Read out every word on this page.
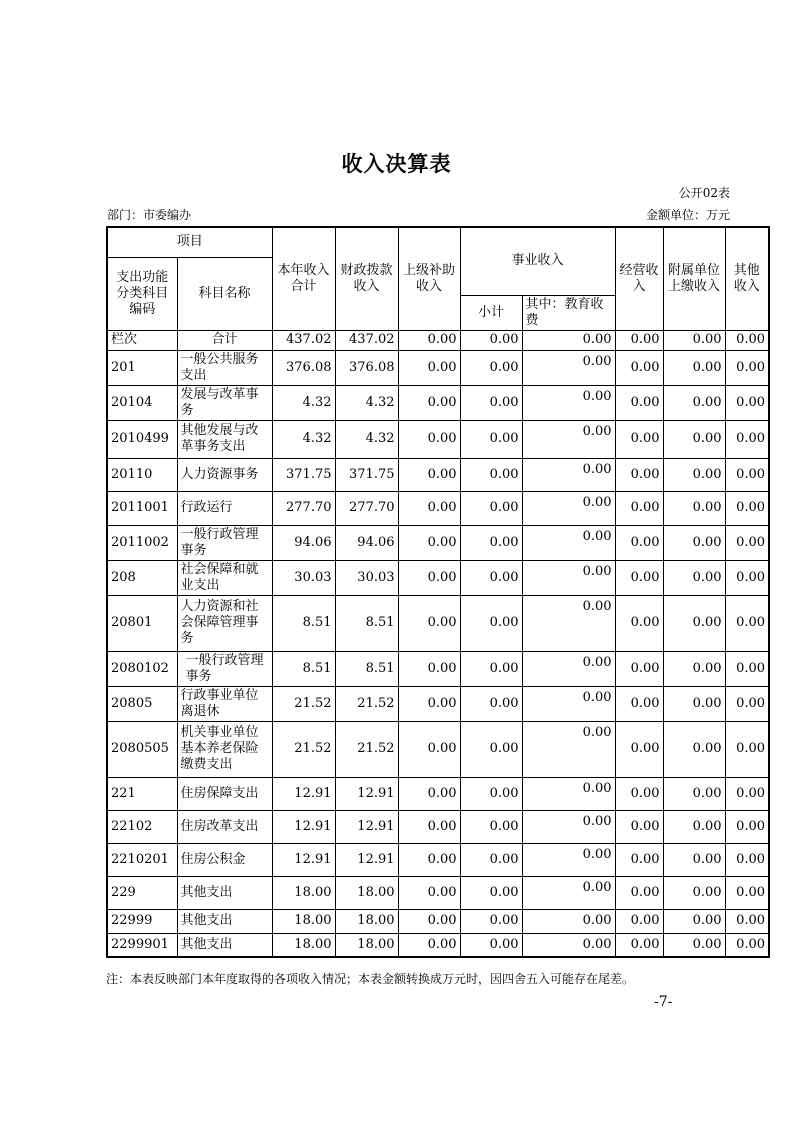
收入决算表
公开02表
部门：市委编办	金额单位：万元
项目		本年收入合计	财政拨款收入	上级补助收入	事业收入		经营收入	附属单位上缴收入	其他收入
支出功能分类科目编码	科目名称								
					小计	其中：教育收费			
栏次	合计	437.02	437.02	0.00	0.00	0.00	0.00	0.00	0.00
201	一般公共服务支出	376.08	376.08	0.00	0.00	0.00	0.00	0.00	0.00
20104	发展与改革事务	4.32	4.32	0.00	0.00	0.00	0.00	0.00	0.00
2010499	其他发展与改革事务支出	4.32	4.32	0.00	0.00	0.00	0.00	0.00	0.00
20110	人力资源事务	371.75	371.75	0.00	0.00	0.00	0.00	0.00	0.00
2011001	行政运行	277.70	277.70	0.00	0.00	0.00	0.00	0.00	0.00
2011002	一般行政管理事务	94.06	94.06	0.00	0.00	0.00	0.00	0.00	0.00
208	社会保障和就业支出	30.03	30.03	0.00	0.00	0.00	0.00	0.00	0.00
20801	人力资源和社会保障管理事务	8.51	8.51	0.00	0.00	0.00	0.00	0.00	0.00
2080102	一般行政管理事务	8.51	8.51	0.00	0.00	0.00	0.00	0.00	0.00
20805	行政事业单位离退休	21.52	21.52	0.00	0.00	0.00	0.00	0.00	0.00
2080505	机关事业单位基本养老保险缴费支出	21.52	21.52	0.00	0.00	0.00	0.00	0.00	0.00
221	住房保障支出	12.91	12.91	0.00	0.00	0.00	0.00	0.00	0.00
22102	住房改革支出	12.91	12.91	0.00	0.00	0.00	0.00	0.00	0.00
2210201	住房公积金	12.91	12.91	0.00	0.00	0.00	0.00	0.00	0.00
229	其他支出	18.00	18.00	0.00	0.00	0.00	0.00	0.00	0.00
22999	其他支出	18.00	18.00	0.00	0.00	0.00	0.00	0.00	0.00
2299901	其他支出	18.00	18.00	0.00	0.00	0.00	0.00	0.00	0.00
注：本表反映部门本年度取得的各项收入情况；本表金额转换成万元时，因四舍五入可能存在尾差。
-7-
